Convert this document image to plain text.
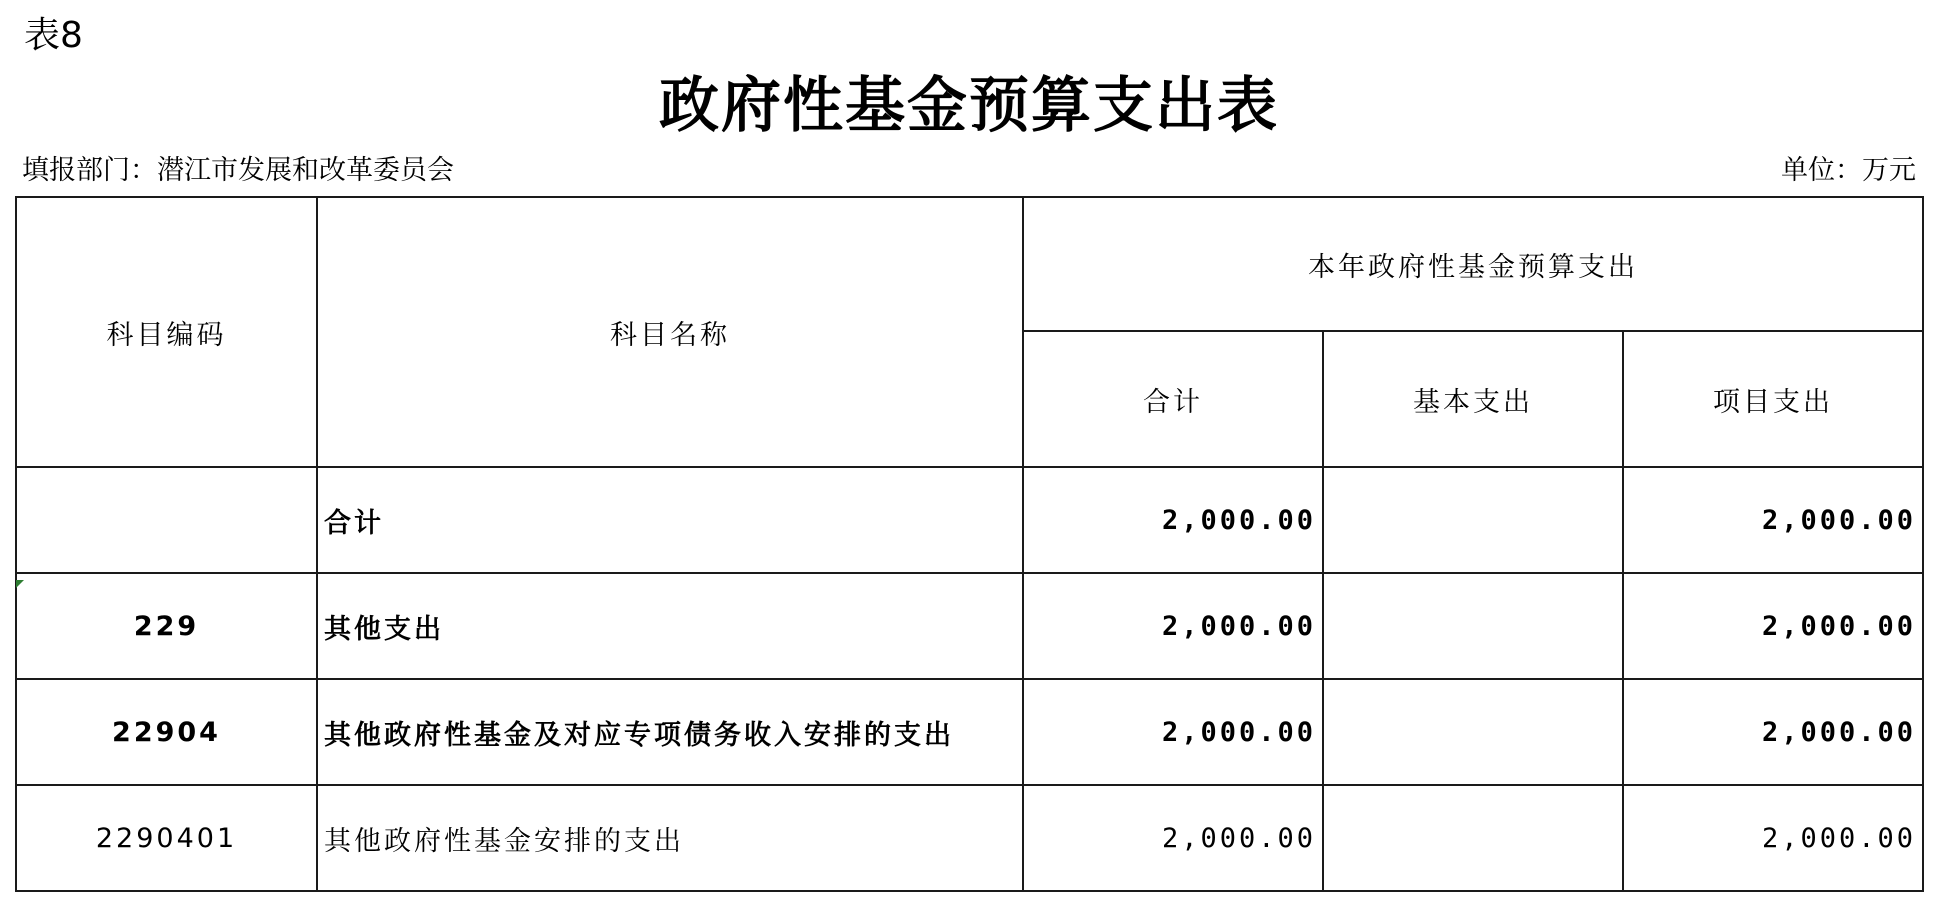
表8
政府性基金预算支出表
填报部门：潜江市发展和改革委员会	单位：万元
科目编码	科目名称	本年政府性基金预算支出		
		合计	基本支出	项目支出
	合计	2,000.00		2,000.00
229	其他支出	2,000.00		2,000.00
22904	其他政府性基金及对应专项债务收入安排的支出	2,000.00		2,000.00
2290401	其他政府性基金安排的支出	2,000.00		2,000.00
